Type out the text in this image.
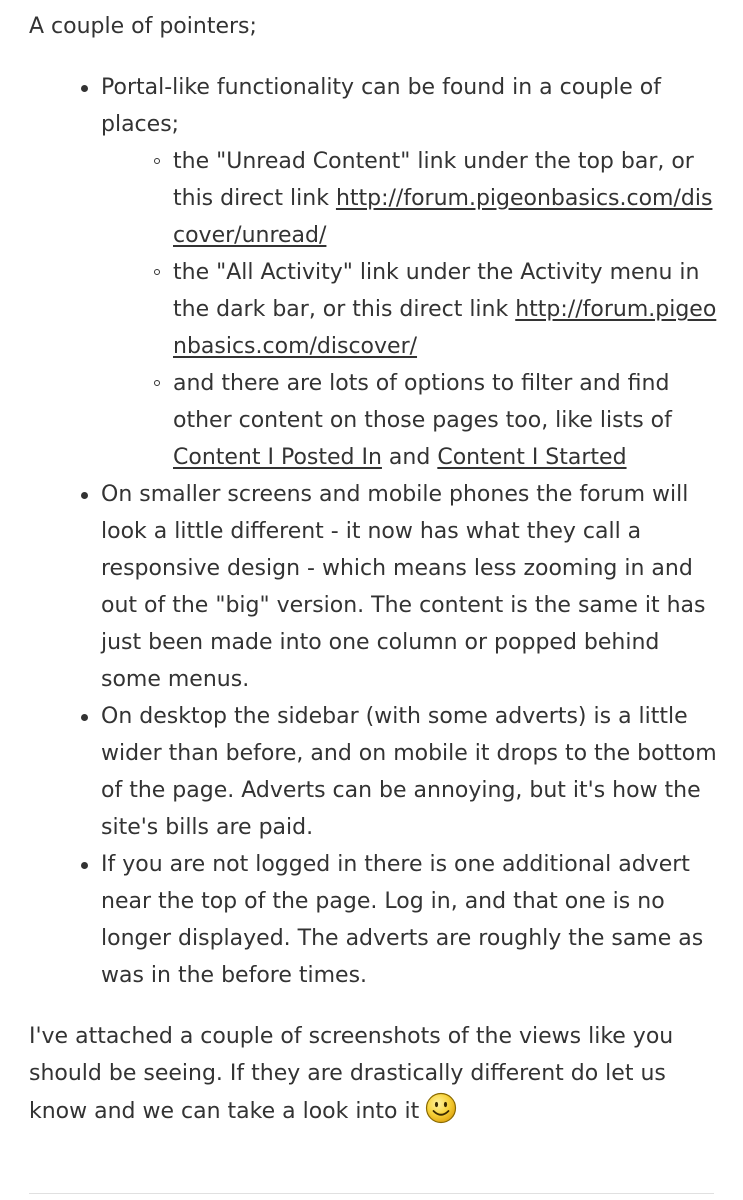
A couple of pointers;

Portal-like functionality can be found in a couple of places;
the "Unread Content" link under the top bar, or this direct link http://forum.pigeonbasics.com/discover/unread/
the "All Activity" link under the Activity menu in the dark bar, or this direct link http://forum.pigeonbasics.com/discover/
and there are lots of options to filter and find other content on those pages too, like lists of Content I Posted In and Content I Started
On smaller screens and mobile phones the forum will look a little different - it now has what they call a responsive design - which means less zooming in and out of the "big" version. The content is the same it has just been made into one column or popped behind some menus.
On desktop the sidebar (with some adverts) is a little wider than before, and on mobile it drops to the bottom of the page. Adverts can be annoying, but it's how the site's bills are paid.
If you are not logged in there is one additional advert near the top of the page. Log in, and that one is no longer displayed. The adverts are roughly the same as was in the before times.

I've attached a couple of screenshots of the views like you should be seeing. If they are drastically different do let us know and we can take a look into it
